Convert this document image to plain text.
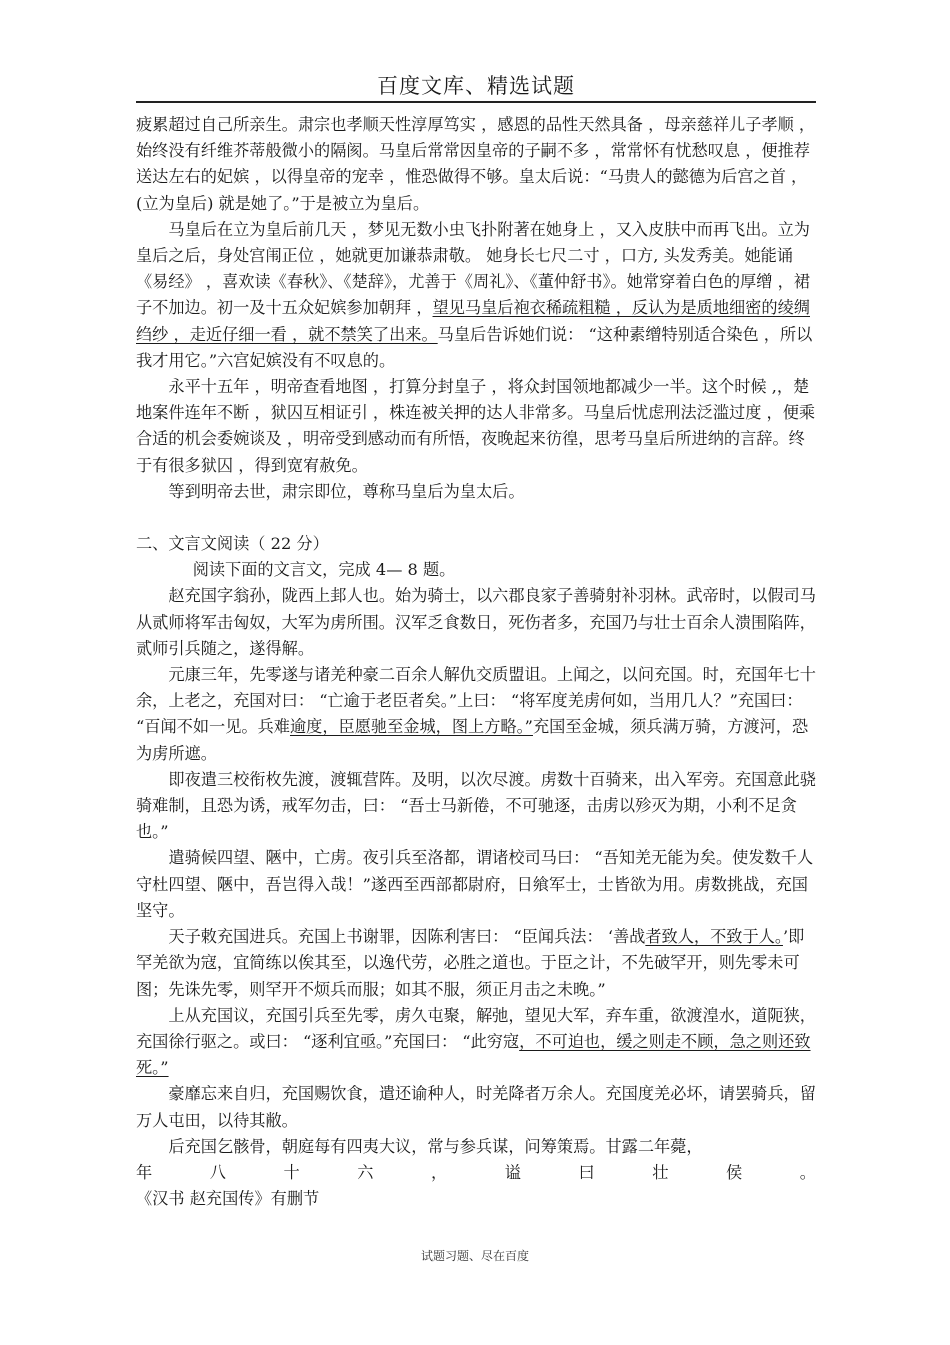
百度文库、精选试题

疲累超过自己所亲生。肃宗也孝顺天性淳厚笃实 ，感恩的品性天然具备 ，母亲慈祥儿子孝顺 ，始终没有纤维芥蒂般微小的隔阂。马皇后常常因皇帝的子嗣不多 ，常常怀有忧愁叹息 ，便推荐送达左右的妃嫔 ，以得皇帝的宠幸 ，惟恐做得不够。皇太后说：“马贵人的懿德为后宫之首 ，(立为皇后) 就是她了。”于是被立为皇后。

马皇后在立为皇后前几天 ，梦见无数小虫飞扑附著在她身上 ，又入皮肤中而再飞出。立为皇后之后，身处宫闱正位 ，她就更加谦恭肃敬。 她身长七尺二寸 ，口方, 头发秀美。她能诵《易经》 ，喜欢读《春秋》、《楚辞》，尤善于《周礼》、《董仲舒书》。她常穿着白色的厚缯 ，裙子不加边。初一及十五众妃嫔参加朝拜 ，望见马皇后袍衣稀疏粗糙 ，反认为是质地细密的绫绸绉纱 ，走近仔细一看 ，就不禁笑了出来。马皇后告诉她们说： “这种素缯特别适合染色 ，所以我才用它。”六宫妃嫔没有不叹息的。

永平十五年 ，明帝查看地图 ，打算分封皇子 ，将众封国领地都减少一半。这个时候 ,，楚地案件连年不断 ，狱囚互相证引 ，株连被关押的达人非常多。马皇后忧虑刑法泛滥过度 ，便乘合适的机会委婉谈及 ，明帝受到感动而有所悟，夜晚起来彷徨，思考马皇后所进纳的言辞。终于有很多狱囚 ，得到宽宥赦免。

等到明帝去世，肃宗即位，尊称马皇后为皇太后。

二、文言文阅读（ 22 分）

阅读下面的文言文，完成 4— 8 题。

赵充国字翁孙，陇西上邽人也。始为骑士，以六郡良家子善骑射补羽林。武帝时，以假司马从贰师将军击匈奴，大军为虏所围。汉军乏食数日，死伤者多，充国乃与壮士百余人溃围陷阵，贰师引兵随之，遂得解。

元康三年，先零遂与诸羌种豪二百余人解仇交质盟诅。上闻之，以问充国。时，充国年七十余，上老之，充国对曰： “亡逾于老臣者矣。”上曰： “将军度羌虏何如，当用几人？”充国曰： “百闻不如一见。兵难逾度，臣愿驰至金城，图上方略。”充国至金城，须兵满万骑，方渡河，恐为虏所遮。

即夜遣三校衔枚先渡，渡辄营阵。及明，以次尽渡。虏数十百骑来，出入军旁。充国意此骁骑难制，且恐为诱，戒军勿击，曰： “吾士马新倦，不可驰逐，击虏以殄灭为期，小利不足贪也。”

遣骑候四望、陿中，亡虏。夜引兵至洛都，谓诸校司马曰： “吾知羌无能为矣。使发数千人守杜四望、陿中，吾岂得入哉！”遂西至西部都尉府，日飨军士，士皆欲为用。虏数挑战，充国坚守。

天子敕充国进兵。充国上书谢罪，因陈利害曰： “臣闻兵法： ‘善战者致人，不致于人。’即罕羌欲为寇，宜简练以俟其至，以逸代劳，必胜之道也。于臣之计，不先破罕开，则先零未可图；先诛先零，则罕开不烦兵而服；如其不服，须正月击之未晚。”

上从充国议，充国引兵至先零，虏久屯聚，解弛，望见大军，弃车重，欲渡湟水，道阨狭，充国徐行驱之。或曰： “逐利宜亟。”充国曰： “此穷寇，不可迫也，缓之则走不顾，急之则还致死。”

豪靡忘来自归，充国赐饮食，遣还谕种人，时羌降者万余人。充国度羌必坏，请罢骑兵，留万人屯田，以待其敝。

后充国乞骸骨，朝庭每有四夷大议，常与参兵谋，问筹策焉。甘露二年薨，

年八十六，谥曰壮侯。

《汉书 赵充国传》有删节

试题习题、尽在百度
